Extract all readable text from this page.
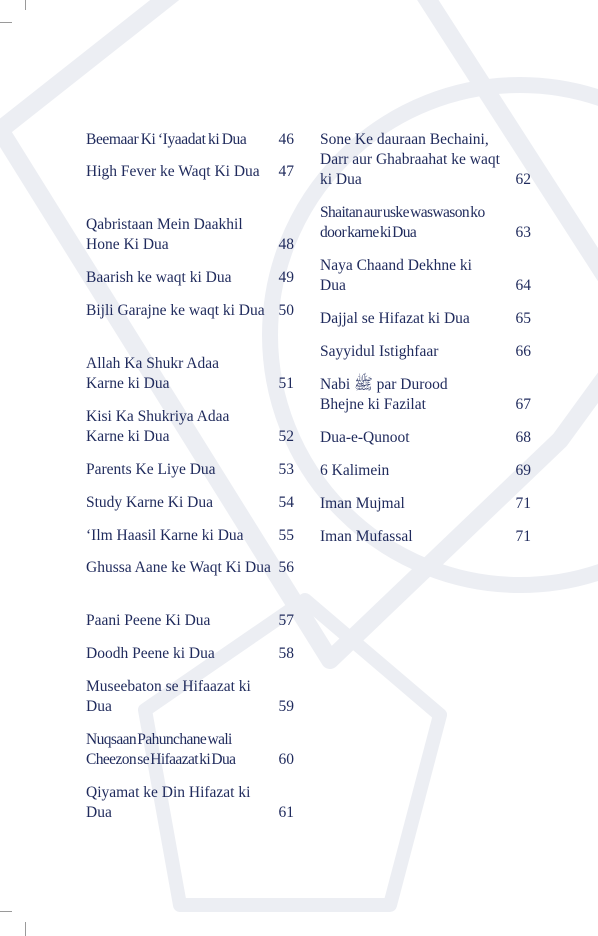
Beemaar Ki ‘Iyaadat ki Dua	46
High Fever ke Waqt Ki Dua	47
Qabristaan Mein Daakhil Hone Ki Dua	48
Baarish ke waqt ki Dua	49
Bijli Garajne ke waqt ki Dua 50
Allah Ka Shukr Adaa Karne ki Dua	51
Kisi Ka Shukriya Adaa Karne ki Dua	52
Parents Ke Liye Dua	53
Study Karne Ki Dua	54
‘Ilm Haasil Karne ki Dua	55
Ghussa Aane ke Waqt Ki Dua 56
Paani Peene Ki Dua	57
Doodh Peene ki Dua	58
Museebaton se Hifaazat ki Dua	59
Nuqsaan Pahunchane wali Cheezon se Hifaazat ki Dua	60
Qiyamat ke Din Hifazat ki Dua	61
Sone Ke dauraan Bechaini, Darr aur Ghabraahat ke waqt ki Dua	62
Shaitan aur uske waswason ko door karne ki Dua	63
Naya Chaand Dekhne ki Dua	64
Dajjal se Hifazat ki Dua	65
Sayyidul Istighfaar	66
Nabi ﷺ par Durood Bhejne ki Fazilat	67
Dua-e-Qunoot	68
6 Kalimein	69
Iman Mujmal	71
Iman Mufassal	71
